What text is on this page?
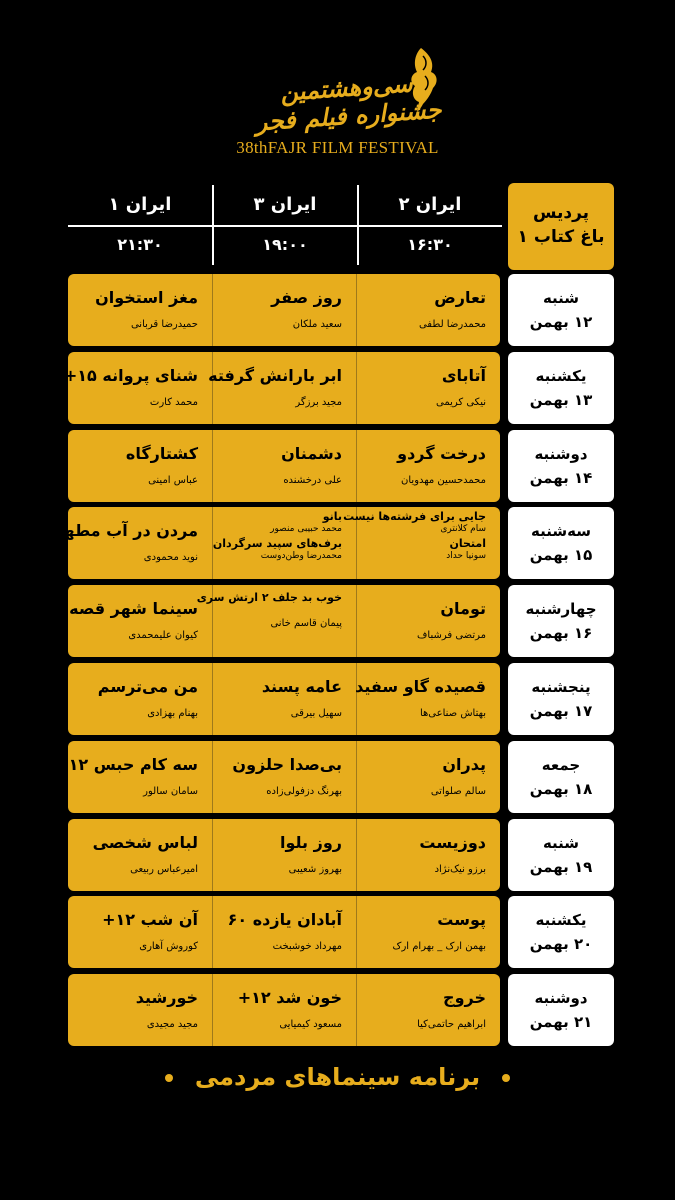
سی‌وهشتمین جشنواره فیلم فجر
38thFAJR FILM FESTIVAL
ایران ۲
ایران ۳
ایران ۱
۱۶:۳۰
۱۹:۰۰
۲۱:۳۰
پردیس
باغ کتاب ۱
تعارض
محمدرضا لطفی
روز صفر
سعید ملکان
مغز استخوان
حمیدرضا قربانی
شنبه
۱۲ بهمن
آتابای
نیکی کریمی
ابر بارانش گرفته
مجید برزگر
شنای پروانه ۱۵+
محمد کارت
یکشنبه
۱۳ بهمن
درخت گردو
محمدحسین مهدویان
دشمنان
علی درخشنده
کشتارگاه
عباس امینی
دوشنبه
۱۴ بهمن
جایی برای فرشته‌ها نیست
سام کلانتری
امتحان
سونیا حداد
بانو
محمد حبیبی منصور
برف‌های سپید سرگردان
محمدرضا وطن‌دوست
مردن در آب مطهر
نوید محمودی
سه‌شنبه
۱۵ بهمن
تومان
مرتضی فرشباف
خوب بد جلف ۲ ارتش سری
پیمان قاسم خانی
سینما شهر قصه
کیوان علیمحمدی
چهارشنبه
۱۶ بهمن
قصیده گاو سفید
بهتاش صناعی‌ها
عامه پسند
سهیل بیرقی
من می‌ترسم
بهنام بهزادی
پنجشنبه
۱۷ بهمن
پدران
سالم صلواتی
بی‌صدا حلزون
بهرنگ دزفولی‌زاده
سه کام حبس ۱۲+
سامان سالور
جمعه
۱۸ بهمن
دوزیست
برزو نیک‌نژاد
روز بلوا
بهروز شعیبی
لباس شخصی
امیرعباس ربیعی
شنبه
۱۹ بهمن
پوست
بهمن ارک _ بهرام ارک
آبادان یازده ۶۰
مهرداد خوشبخت
آن شب ۱۲+
کوروش آهاری
یکشنبه
۲۰ بهمن
خروج
ابراهیم حاتمی‌کیا
خون شد ۱۲+
مسعود کیمیایی
خورشید
مجید مجیدی
دوشنبه
۲۱ بهمن
برنامه سینماهای مردمی
